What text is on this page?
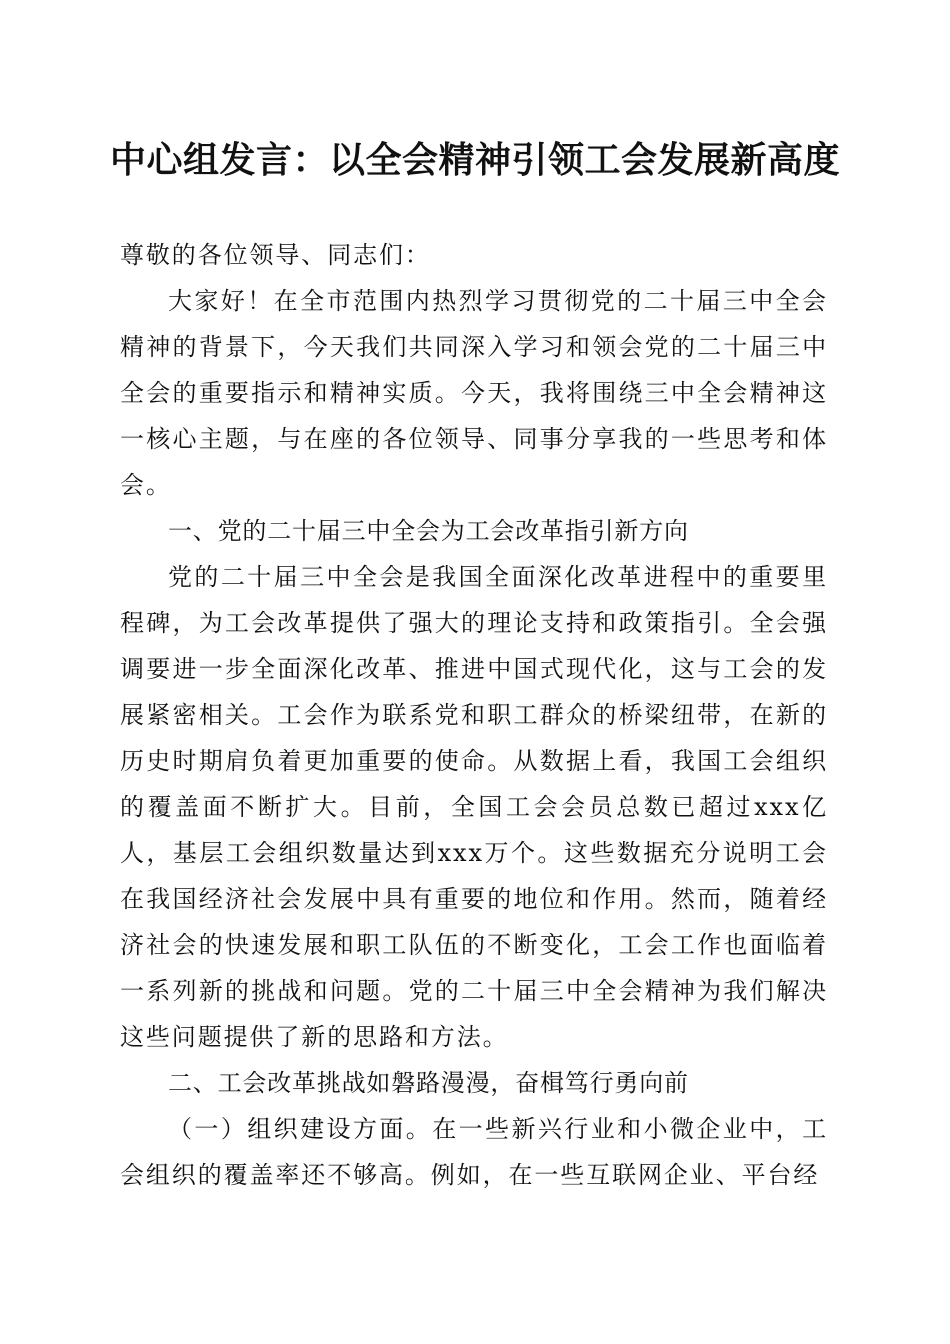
中心组发言：以全会精神引领工会发展新高度

尊敬的各位领导、同志们：

大家好！在全市范围内热烈学习贯彻党的二十届三中全会精神的背景下，今天我们共同深入学习和领会党的二十届三中全会的重要指示和精神实质。今天，我将围绕三中全会精神这一核心主题，与在座的各位领导、同事分享我的一些思考和体会。

一、党的二十届三中全会为工会改革指引新方向

党的二十届三中全会是我国全面深化改革进程中的重要里程碑，为工会改革提供了强大的理论支持和政策指引。全会强调要进一步全面深化改革、推进中国式现代化，这与工会的发展紧密相关。工会作为联系党和职工群众的桥梁纽带，在新的历史时期肩负着更加重要的使命。从数据上看，我国工会组织的覆盖面不断扩大。目前，全国工会会员总数已超过xxx亿人，基层工会组织数量达到xxx万个。这些数据充分说明工会在我国经济社会发展中具有重要的地位和作用。然而，随着经济社会的快速发展和职工队伍的不断变化，工会工作也面临着一系列新的挑战和问题。党的二十届三中全会精神为我们解决这些问题提供了新的思路和方法。

二、工会改革挑战如磐路漫漫，奋楫笃行勇向前

（一）组织建设方面。在一些新兴行业和小微企业中，工会组织的覆盖率还不够高。例如，在一些互联网企业、平台经
